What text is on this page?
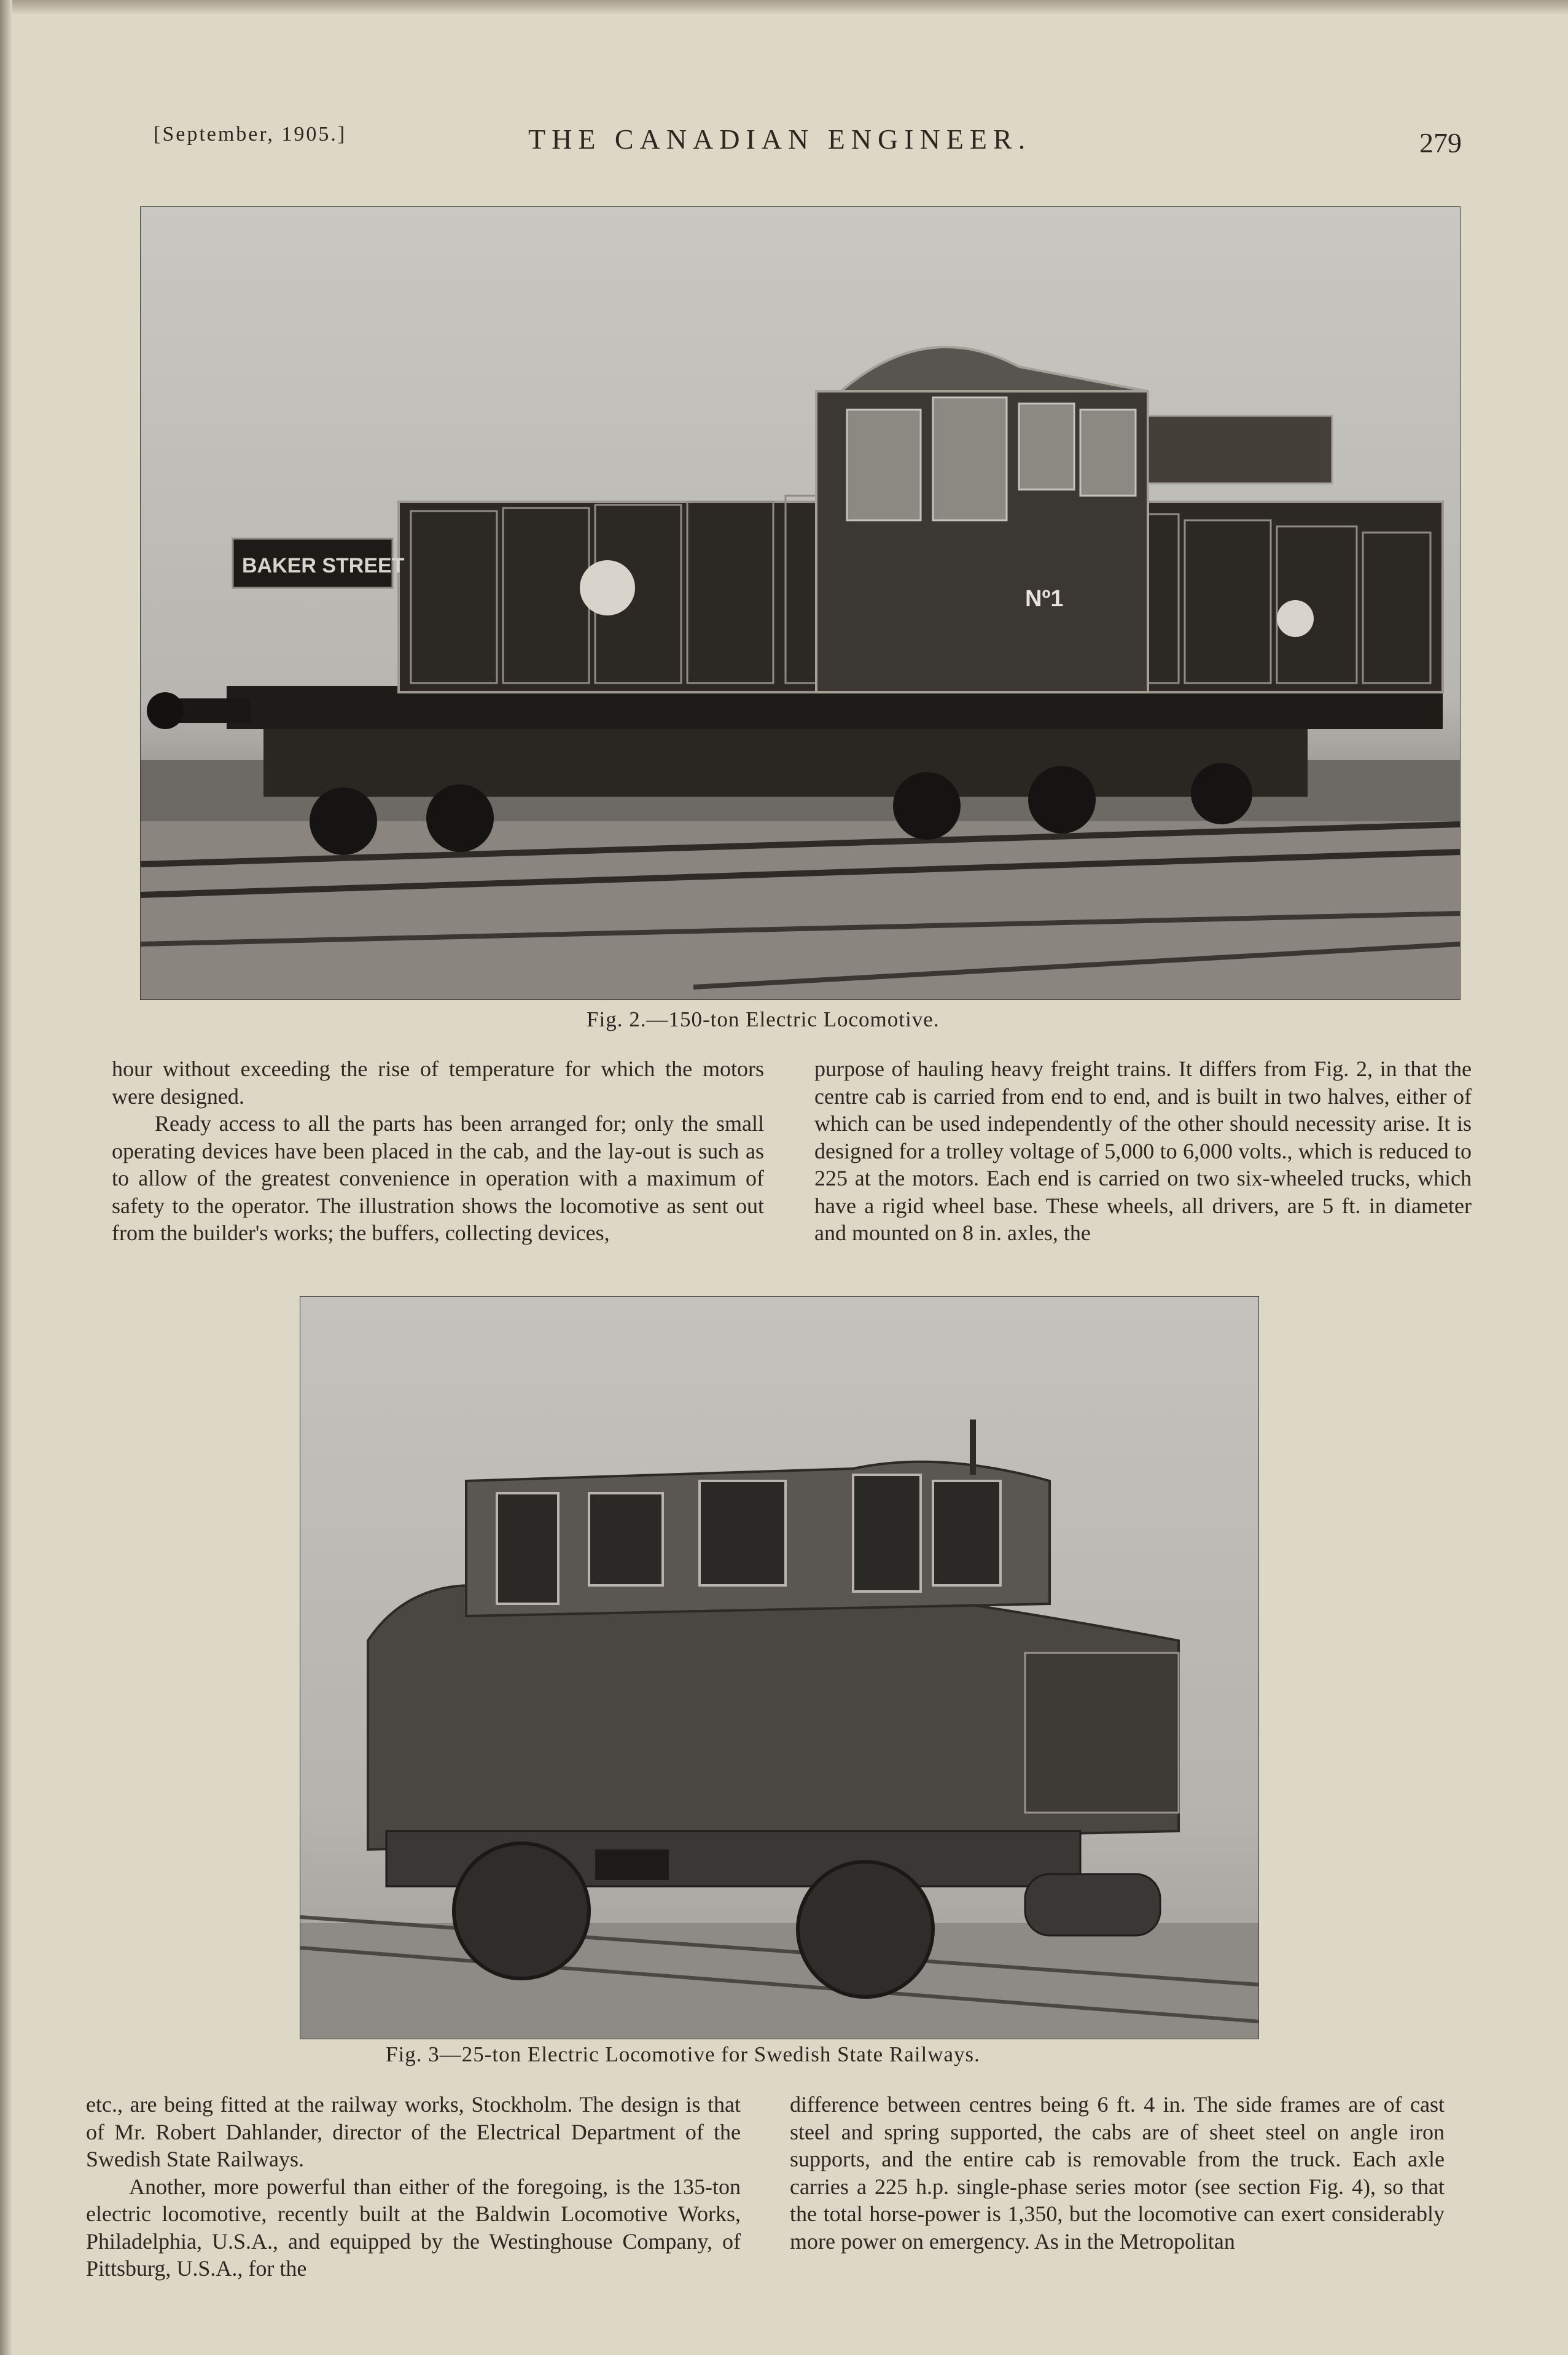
[September, 1905.]	THE CANADIAN ENGINEER.	279
Nº1
BAKER STREET
Fig. 2.—150-ton Electric Locomotive.

hour without exceeding the rise of temperature for which the motors were designed.

Ready access to all the parts has been arranged for; only the small operating devices have been placed in the cab, and the lay-out is such as to allow of the greatest convenience in operation with a maximum of safety to the operator. The illustration shows the locomotive as sent out from the builder's works; the buffers, collecting devices,

purpose of hauling heavy freight trains. It differs from Fig. 2, in that the centre cab is carried from end to end, and is built in two halves, either of which can be used independently of the other should necessity arise. It is designed for a trolley voltage of 5,000 to 6,000 volts., which is reduced to 225 at the motors. Each end is carried on two six-wheeled trucks, which have a rigid wheel base. These wheels, all drivers, are 5 ft. in diameter and mounted on 8 in. axles, the

Fig. 3—25-ton Electric Locomotive for Swedish State Railways.

etc., are being fitted at the railway works, Stockholm. The design is that of Mr. Robert Dahlander, director of the Electrical Department of the Swedish State Railways.

Another, more powerful than either of the foregoing, is the 135-ton electric locomotive, recently built at the Baldwin Locomotive Works, Philadelphia, U.S.A., and equipped by the Westinghouse Company, of Pittsburg, U.S.A., for the

difference between centres being 6 ft. 4 in. The side frames are of cast steel and spring supported, the cabs are of sheet steel on angle iron supports, and the entire cab is removable from the truck. Each axle carries a 225 h.p. single-phase series motor (see section Fig. 4), so that the total horse-power is 1,350, but the locomotive can exert considerably more power on emergency. As in the Metropolitan
